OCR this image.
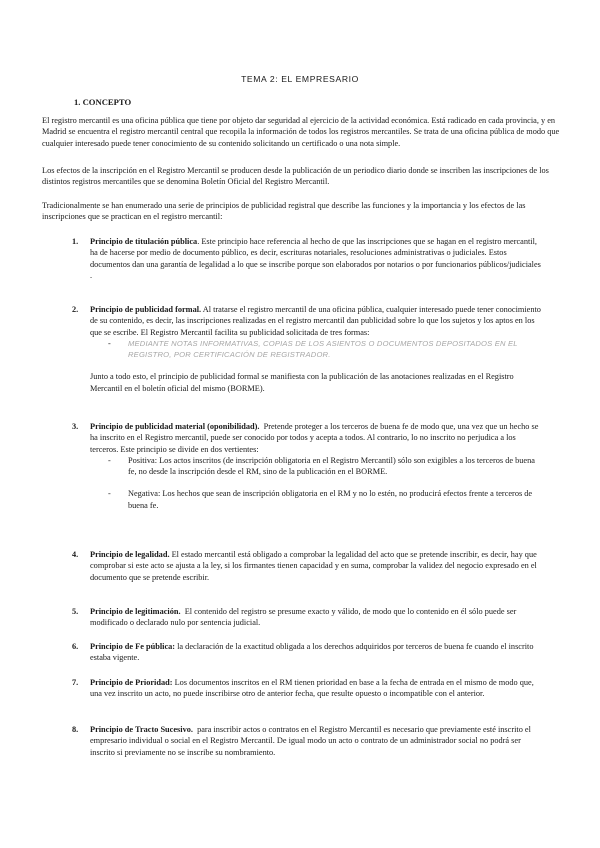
TEMA 2: EL EMPRESARIO
1. CONCEPTO
El registro mercantil es una oficina pública que tiene por objeto dar seguridad al ejercicio de la actividad económica. Está radicado en cada provincia, y en Madrid se encuentra el registro mercantil central que recopila la información de todos los registros mercantiles. Se trata de una oficina pública de modo que cualquier interesado puede tener conocimiento de su contenido solicitando un certificado o una nota simple.
Los efectos de la inscripción en el Registro Mercantil se producen desde la publicación de un periodico diario donde se inscriben las inscripciones de los distintos registros mercantiles que se denomina Boletín Oficial del Registro Mercantil.
Tradicionalmente se han enumerado una serie de principios de publicidad registral que describe las funciones y la importancia y los efectos de las inscripciones que se practican en el registro mercantil:
1. Principio de titulación pública. Este principio hace referencia al hecho de que las inscripciones que se hagan en el registro mercantil, ha de hacerse por medio de documento público, es decir, escrituras notariales, resoluciones administrativas o judiciales. Estos documentos dan una garantía de legalidad a lo que se inscribe porque son elaborados por notarios o por funcionarios públicos/judiciales .
2. Principio de publicidad formal. Al tratarse el registro mercantil de una oficina pública, cualquier interesado puede tener conocimiento de su contenido, es decir, las inscripciones realizadas en el registro mercantil dan publicidad sobre lo que los sujetos y los aptos en los que se escribe. El Registro Mercantil facilita su publicidad solicitada de tres formas:
- MEDIANTE NOTAS INFORMATIVAS, COPIAS DE LOS ASIENTOS O DOCUMENTOS DEPOSITADOS EN EL REGISTRO, POR CERTIFICACIÓN DE REGISTRADOR.
Junto a todo esto, el principio de publicidad formal se manifiesta con la publicación de las anotaciones realizadas en el Registro Mercantil en el boletín oficial del mismo (BORME).
3. Principio de publicidad material (oponibilidad). Pretende proteger a los terceros de buena fe de modo que, una vez que un hecho se ha inscrito en el Registro mercantil, puede ser conocido por todos y acepta a todos. Al contrario, lo no inscrito no perjudica a los terceros. Este principio se divide en dos vertientes:
- Positiva: Los actos inscritos (de inscripción obligatoria en el Registro Mercantil) sólo son exigibles a los terceros de buena fe, no desde la inscripción desde el RM, sino de la publicación en el BORME.
- Negativa: Los hechos que sean de inscripción obligatoria en el RM y no lo estén, no producirá efectos frente a terceros de buena fe.
4. Principio de legalidad. El estado mercantil está obligado a comprobar la legalidad del acto que se pretende inscribir, es decir, hay que comprobar si este acto se ajusta a la ley, si los firmantes tienen capacidad y en suma, comprobar la validez del negocio expresado en el documento que se pretende escribir.
5. Principio de legitimación. El contenido del registro se presume exacto y válido, de modo que lo contenido en él sólo puede ser modificado o declarado nulo por sentencia judicial.
6. Principio de Fe pública: la declaración de la exactitud obligada a los derechos adquiridos por terceros de buena fe cuando el inscrito estaba vigente.
7. Principio de Prioridad: Los documentos inscritos en el RM tienen prioridad en base a la fecha de entrada en el mismo de modo que, una vez inscrito un acto, no puede inscribirse otro de anterior fecha, que resulte opuesto o incompatible con el anterior.
8. Principio de Tracto Sucesivo. para inscribir actos o contratos en el Registro Mercantil es necesario que previamente esté inscrito el empresario individual o social en el Registro Mercantil. De igual modo un acto o contrato de un administrador social no podrá ser inscrito si previamente no se inscribe su nombramiento.
